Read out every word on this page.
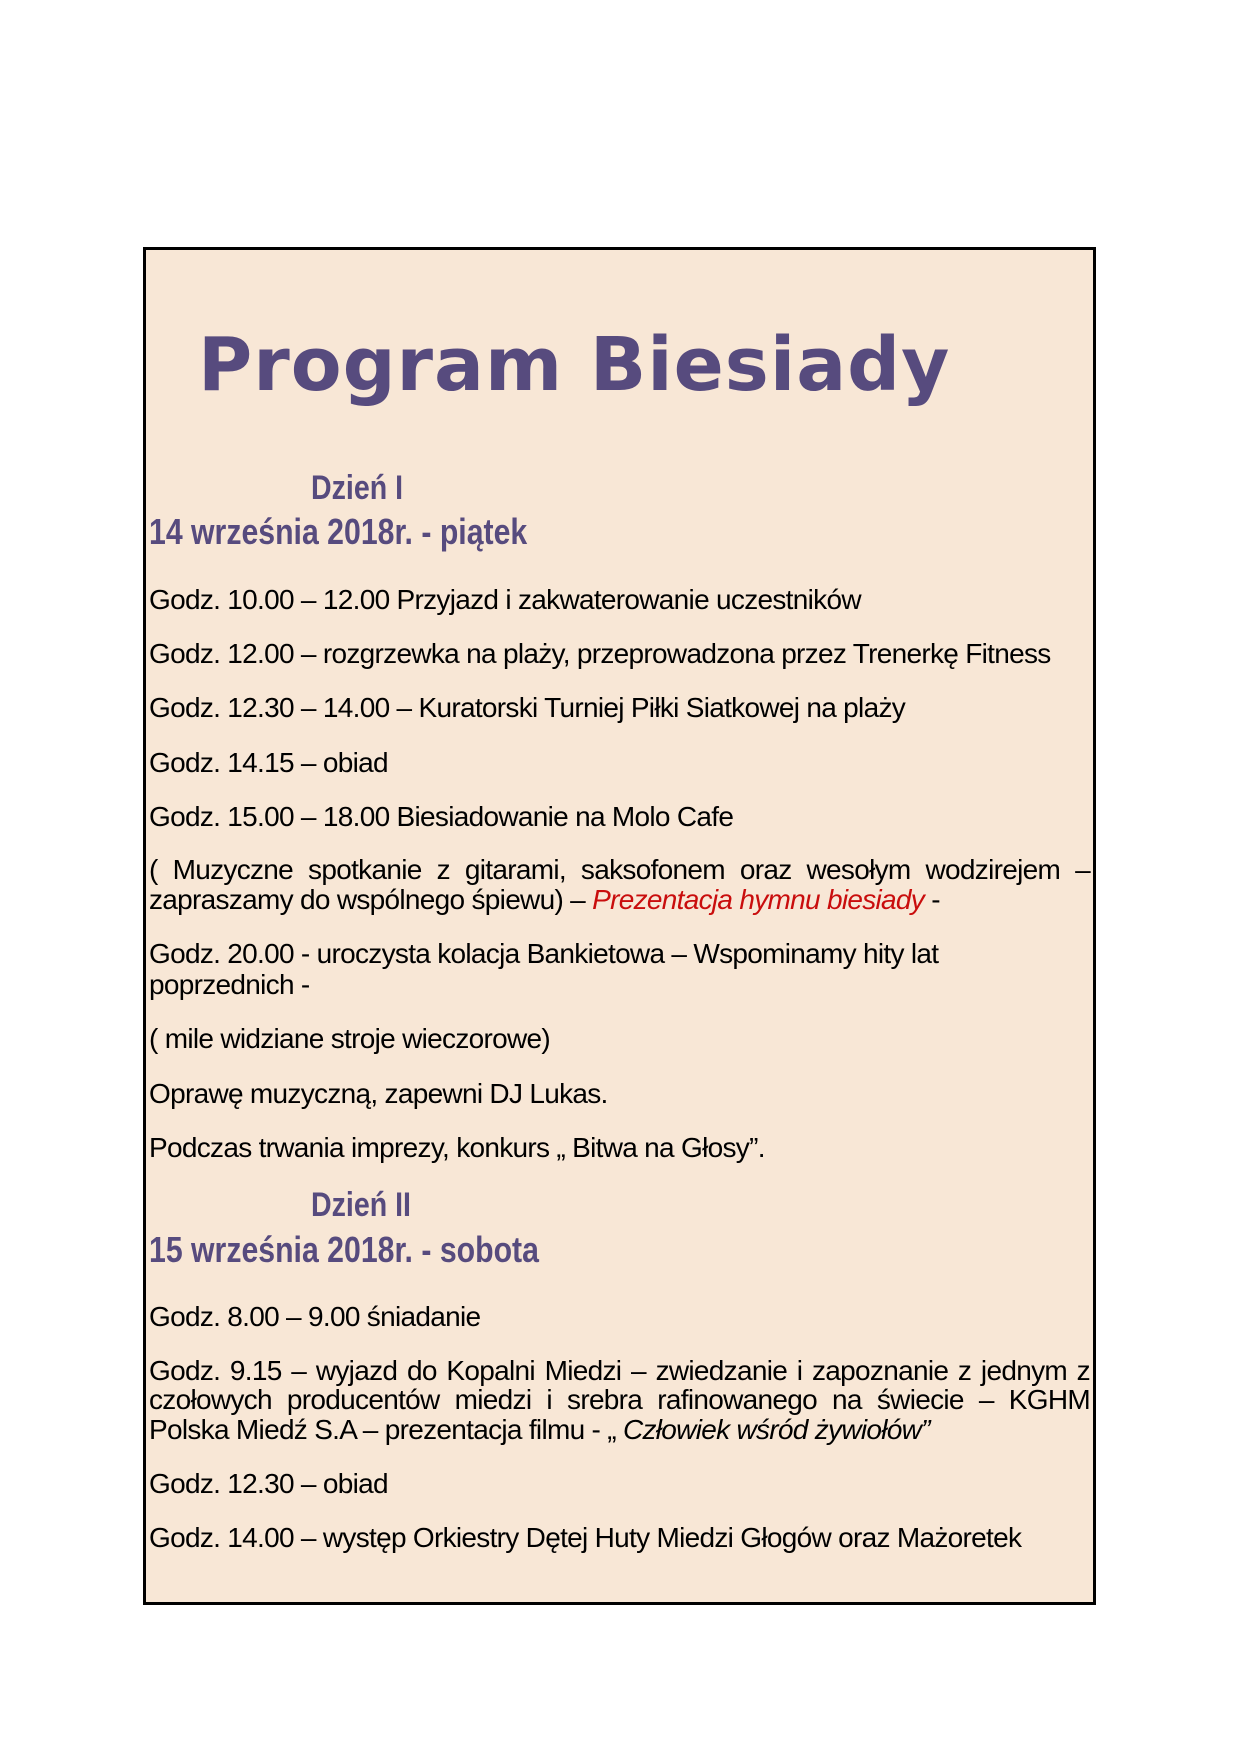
Program Biesiady

Dzień I

14 września 2018r. - piątek

Godz. 10.00 – 12.00 Przyjazd i zakwaterowanie uczestników

Godz. 12.00 – rozgrzewka na plaży, przeprowadzona przez Trenerkę Fitness

Godz. 12.30 – 14.00 – Kuratorski Turniej Piłki Siatkowej na plaży

Godz. 14.15 – obiad

Godz. 15.00 – 18.00 Biesiadowanie na Molo Cafe

( Muzyczne spotkanie z gitarami, saksofonem oraz wesołym wodzirejem – zapraszamy do wspólnego śpiewu) – Prezentacja hymnu biesiady -

Godz. 20.00 - uroczysta kolacja Bankietowa – Wspominamy hity lat poprzednich -

( mile widziane stroje wieczorowe)

Oprawę muzyczną, zapewni DJ Lukas.

Podczas trwania imprezy, konkurs „ Bitwa na Głosy”.

Dzień II

15 września 2018r. - sobota

Godz. 8.00 – 9.00 śniadanie

Godz. 9.15 – wyjazd do Kopalni Miedzi – zwiedzanie i zapoznanie z jednym z czołowych producentów miedzi i srebra rafinowanego na świecie – KGHM Polska Miedź S.A – prezentacja filmu - „ Człowiek wśród żywiołów”

Godz. 12.30 – obiad

Godz. 14.00 – występ Orkiestry Dętej Huty Miedzi Głogów oraz Mażoretek
